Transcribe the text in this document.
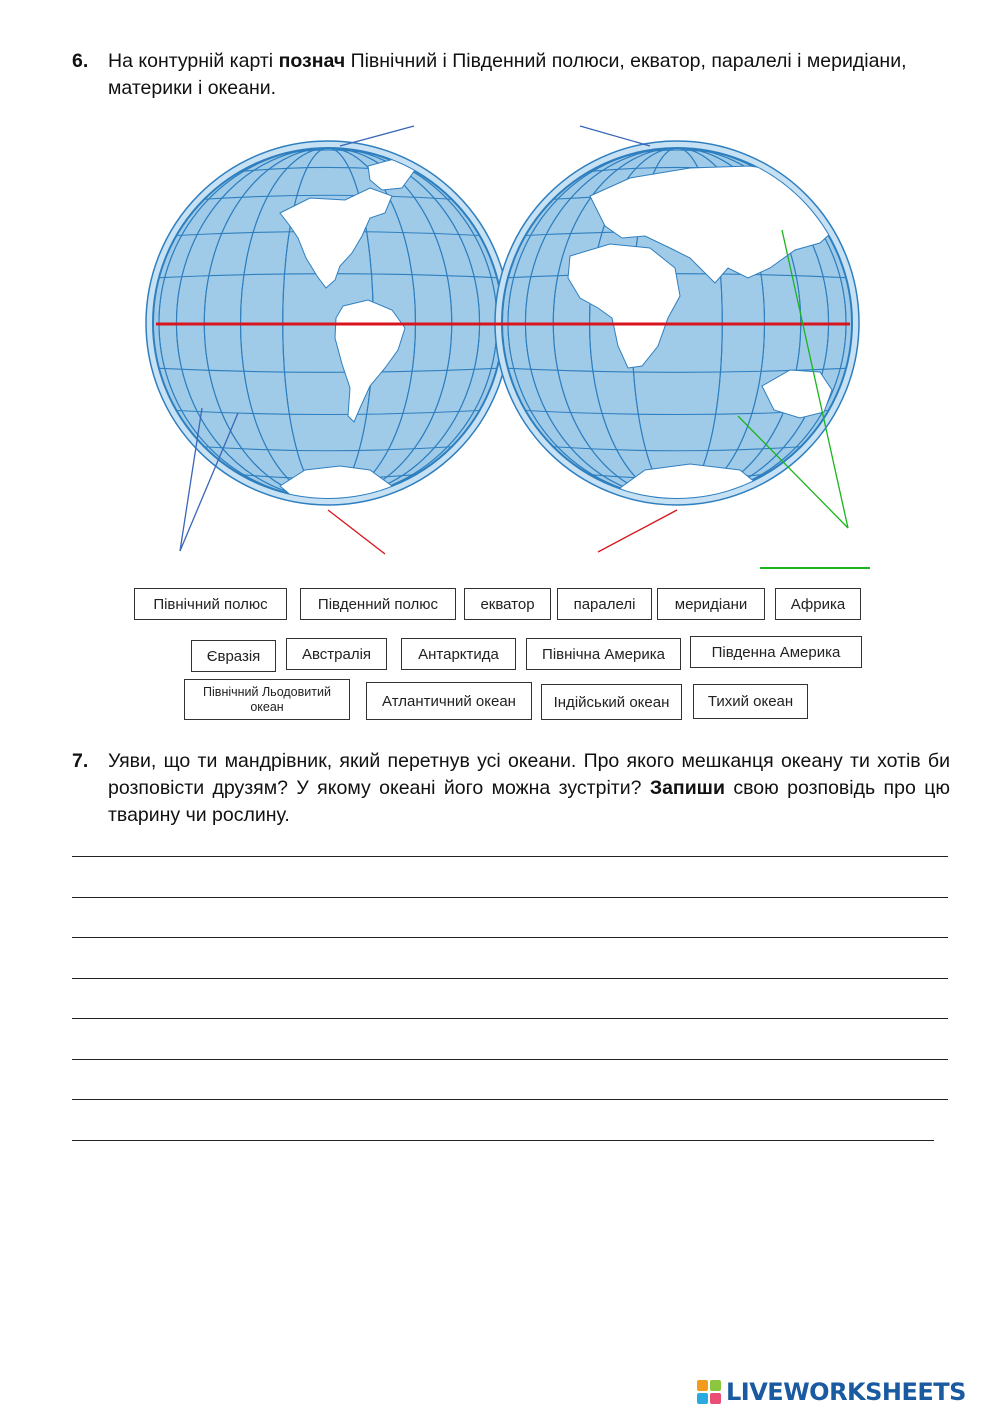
6. На контурній карті познач Північний і Південний полюси, екватор, паралелі і меридіани, материки і океани.
Північний полюс	Південний полюс	екватор	паралелі	меридіани	Африка
Євразія	Австралія	Антарктида	Північна Америка	Південна Америка
Північний Льодовитий океан	Атлантичний океан	Індійський океан	Тихий океан
7. Уяви, що ти мандрівник, який перетнув усі океани. Про якого мешканця океану ти хотів би розповісти друзям? У якому океані його можна зустріти? Запиши свою розповідь про цю тварину чи рослину.
LIVEWORKSHEETS
